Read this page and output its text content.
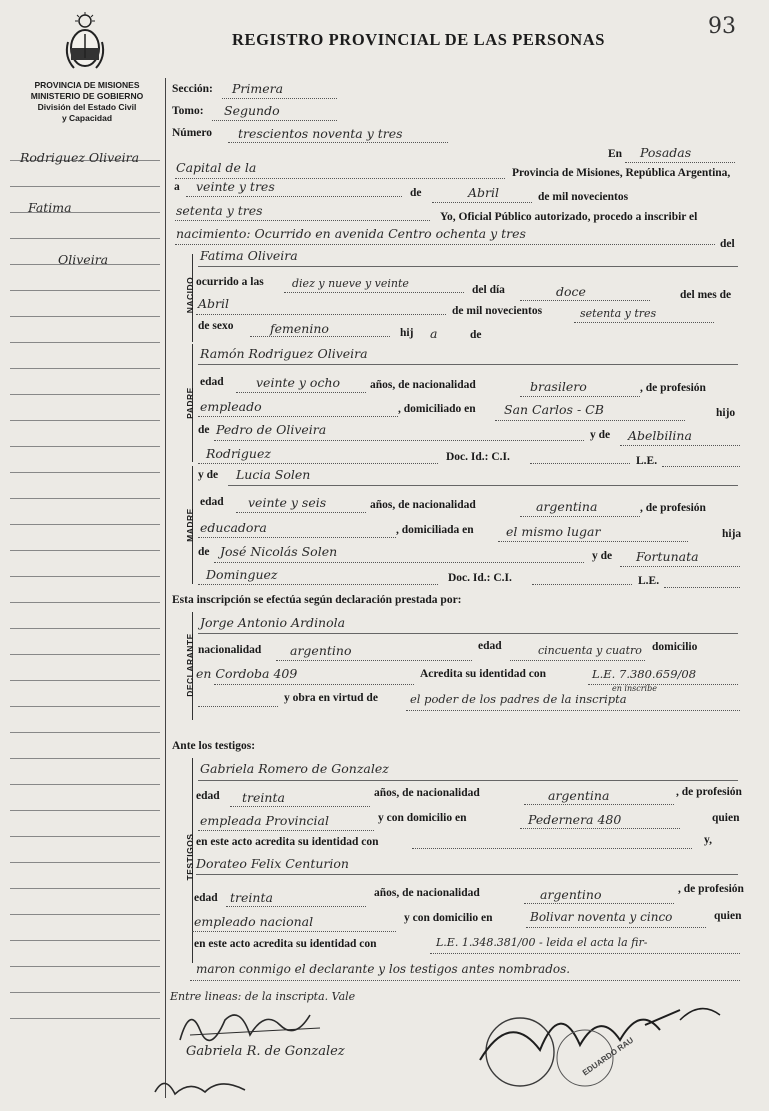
93
REGISTRO PROVINCIAL DE LAS PERSONAS
PROVINCIA DE MISIONES
MINISTERIO DE GOBIERNO
División del Estado Civil
y Capacidad
Rodriguez Oliveira
Fatima
Oliveira
Sección: Primera
Tomo: Segundo
Número trescientos noventa y tres
En Posadas
Capital de la	Provincia de Misiones, República Argentina,
a veinte y tres	de	Abril	de mil novecientos
setenta y tres	Yo, Oficial Público autorizado, procedo a inscribir el
nacimiento: Ocurrido en avenida Centro ochenta y tres
del
NACIDO
Fatima Oliveira
ocurrido a las	diez y nueve y veinte	del día	doce	del mes de
Abril	de mil novecientos	setenta y tres
de sexo	femenino	hij a	de
PADRE
Ramón Rodriguez Oliveira
edad	veinte y ocho	años, de nacionalidad	brasilero	, de profesión
empleado	, domiciliado en San Carlos - CB	hijo
de Pedro de Oliveira	y de Abelbilina
Rodriguez	Doc. Id.: C.I.	L.E.
MADRE
y de Lucia Solen
edad veinte y seis	años, de nacionalidad	argentina	, de profesión
educadora	, domiciliada en	el mismo lugar	hija
de José Nicolás Solen	y de Fortunata
Dominguez	Doc. Id.: C.I.	L.E.
Esta inscripción se efectúa según declaración prestada por:
DECLARANTE
Jorge Antonio Ardinola
nacionalidad argentino	edad	cincuenta y cuatro domicilio
en Cordoba 409	Acredita su identidad con	L.E. 7.380.659/08
y obra en virtud de
en inscribe
el poder de los padres de la inscripta
Ante los testigos:
TESTIGOS
Gabriela Romero de Gonzalez
edad treinta	años, de nacionalidad	argentina	, de profesión
empleada Provincial	y con domicilio en	Pedernera 480	quien
en este acto acredita su identidad con	y,
Dorateo Felix Centurion
edad treinta	años, de nacionalidad	argentino	, de profesión
empleado nacional	y con domicilio en	Bolivar noventa y cinco	quien
en este acto acredita su identidad con	L.E. 1.348.381/00 - leida el acta la fir-
maron conmigo el declarante y los testigos antes nombrados.
Entre lineas: de la inscripta. Vale
Gabriela R. de Gonzalez	EDUARDO RAU
